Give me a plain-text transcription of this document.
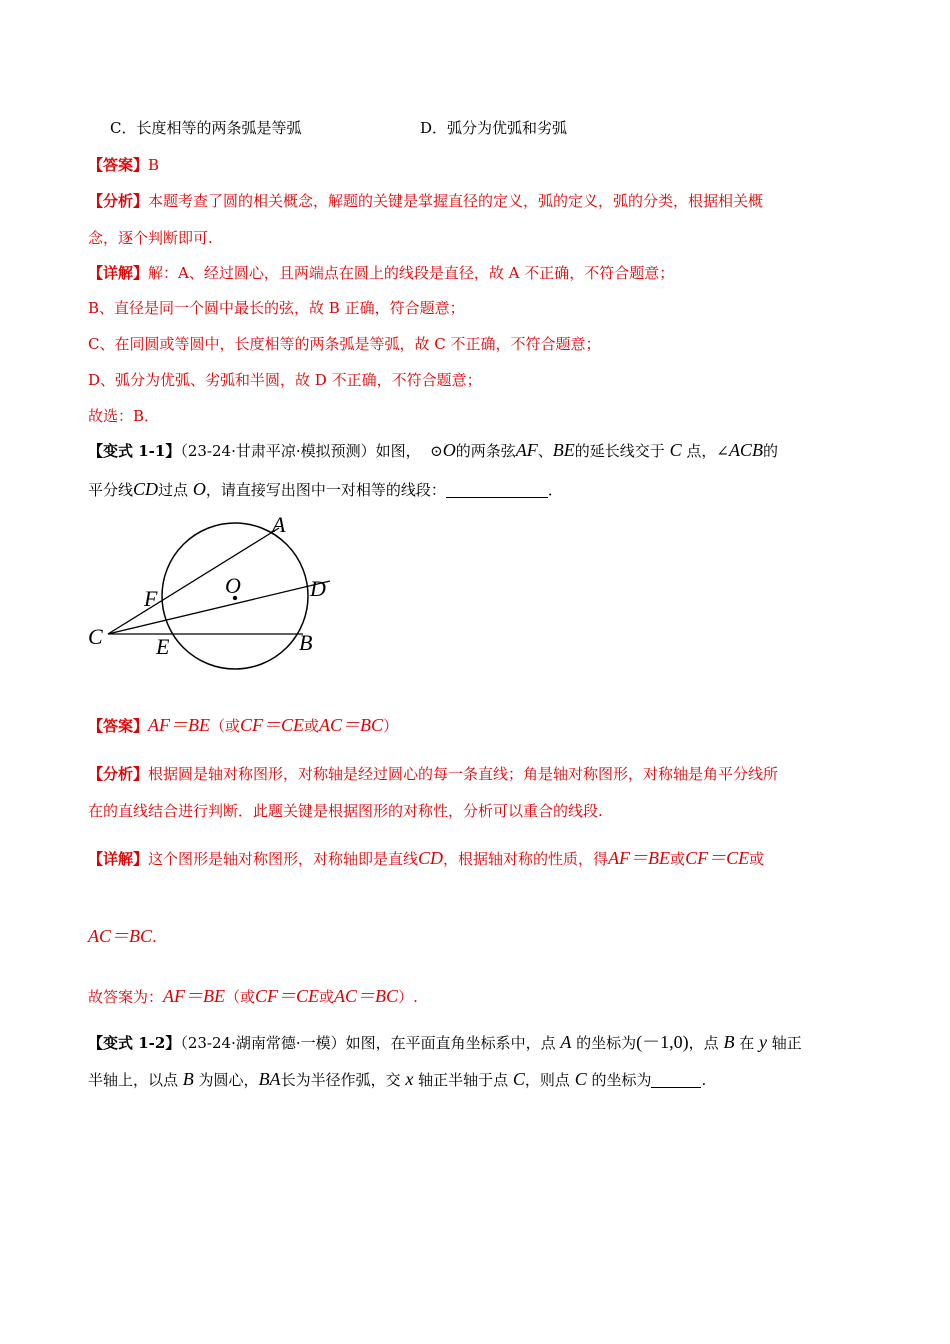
C．长度相等的两条弧是等弧	D．弧分为优弧和劣弧
【答案】B
【分析】本题考查了圆的相关概念，解题的关键是掌握直径的定义，弧的定义，弧的分类，根据相关概
念，逐个判断即可.
【详解】解：A、经过圆心，且两端点在圆上的线段是直径，故 A 不正确，不符合题意；
B、直径是同一个圆中最长的弦，故 B 正确，符合题意；
C、在同圆或等圆中，长度相等的两条弧是等弧，故 C 不正确，不符合题意；
D、弧分为优弧、劣弧和半圆，故 D 不正确，不符合题意；
故选：B．
【变式 1-1】（23-24·甘肃平凉·模拟预测）如图， ⊙O的两条弦AF、BE的延长线交于 C 点，∠ACB的
平分线CD过点 O，请直接写出图中一对相等的线段：	．
A
O
F	D
C E	B
【答案】AF＝BE（或CF＝CE或AC＝BC）
【分析】根据圆是轴对称图形，对称轴是经过圆心的每一条直线；角是轴对称图形，对称轴是角平分线所
在的直线结合进行判断．此题关键是根据图形的对称性，分析可以重合的线段.
【详解】这个图形是轴对称图形，对称轴即是直线CD，根据轴对称的性质，得AF＝BE或CF＝CE或
AC＝BC.
故答案为：AF＝BE（或CF＝CE或AC＝BC）.
【变式 1-2】（23-24·湖南常德·一模）如图，在平面直角坐标系中，点 A 的坐标为(－1,0)，点 B 在 y 轴正
半轴上，以点 B 为圆心，BA长为半径作弧，交 x 轴正半轴于点 C，则点 C 的坐标为	.
